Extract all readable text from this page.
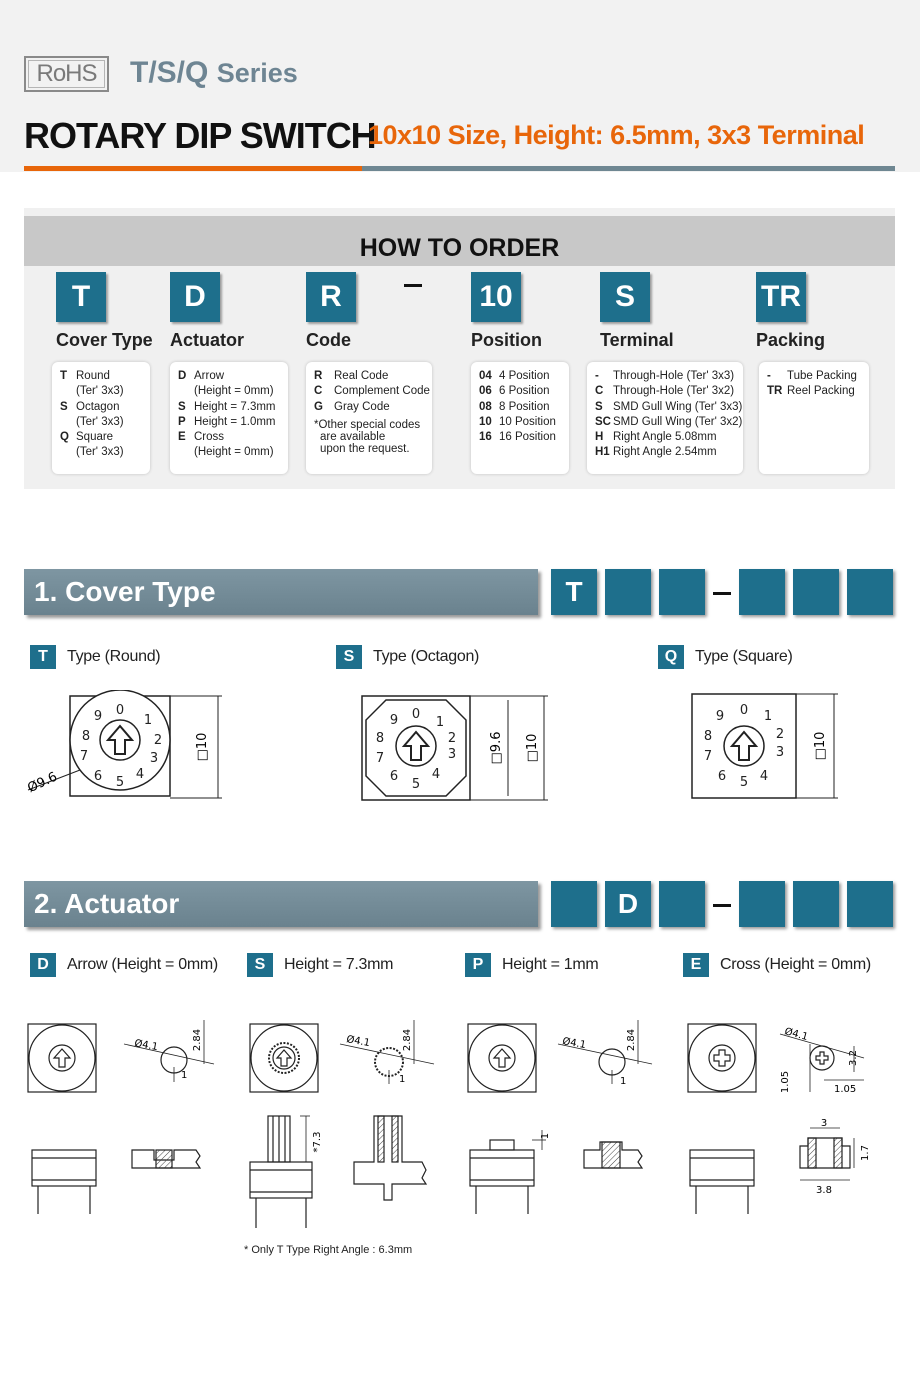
RoHS	T/S/Q Series
ROTARY DIP SWITCH
10x10 Size, Height: 6.5mm, 3x3 Terminal
HOW TO ORDER
T
Cover Type
D
Actuator
R
Code
10
Position
S
Terminal
TR
Packing
T Round
(Ter' 3x3)
S Octagon
(Ter' 3x3)
Q Square
(Ter' 3x3)
D Arrow
(Height = 0mm)
S Height = 7.3mm
P Height = 1.0mm
E Cross
(Height = 0mm)
R	Real Code
C	Complement Code
G Gray Code
*Other special codes
are available
upon the request.
04 4 Position
06 6 Position
08 8 Position
10 10 Position
16 16 Position
-	Through-Hole (Ter' 3x3)
C Through-Hole (Ter' 3x2)
S SMD Gull Wing (Ter' 3x3)
SC SMD Gull Wing (Ter' 3x2)
H Right Angle 5.08mm
H1 Right Angle 2.54mm
-	Tube Packing
TR Reel Packing
1. Cover Type	T
T	Type (Round)	S	Type (Octagon)	Q	Type (Square)
0
1
2
3
4
5
6
7
8
9
□10
Ø9.6
0
1
2
3
4
5
6
7
8
9
□9.6 □10
0 1
2
3
4
5
6
7
8
9
□10
2. Actuator	D
D	Arrow (Height = 0mm)	S	Height = 7.3mm	P	Height = 1mm	E	Cross (Height = 0mm)
Ø4.1	2.84
1
Ø4.1	2.84
1
Ø4.1	2.84
1
Ø4.1
3.2
1.05	1.05
*7.3	1
3
1.7
3.8
* Only T Type Right Angle : 6.3mm
